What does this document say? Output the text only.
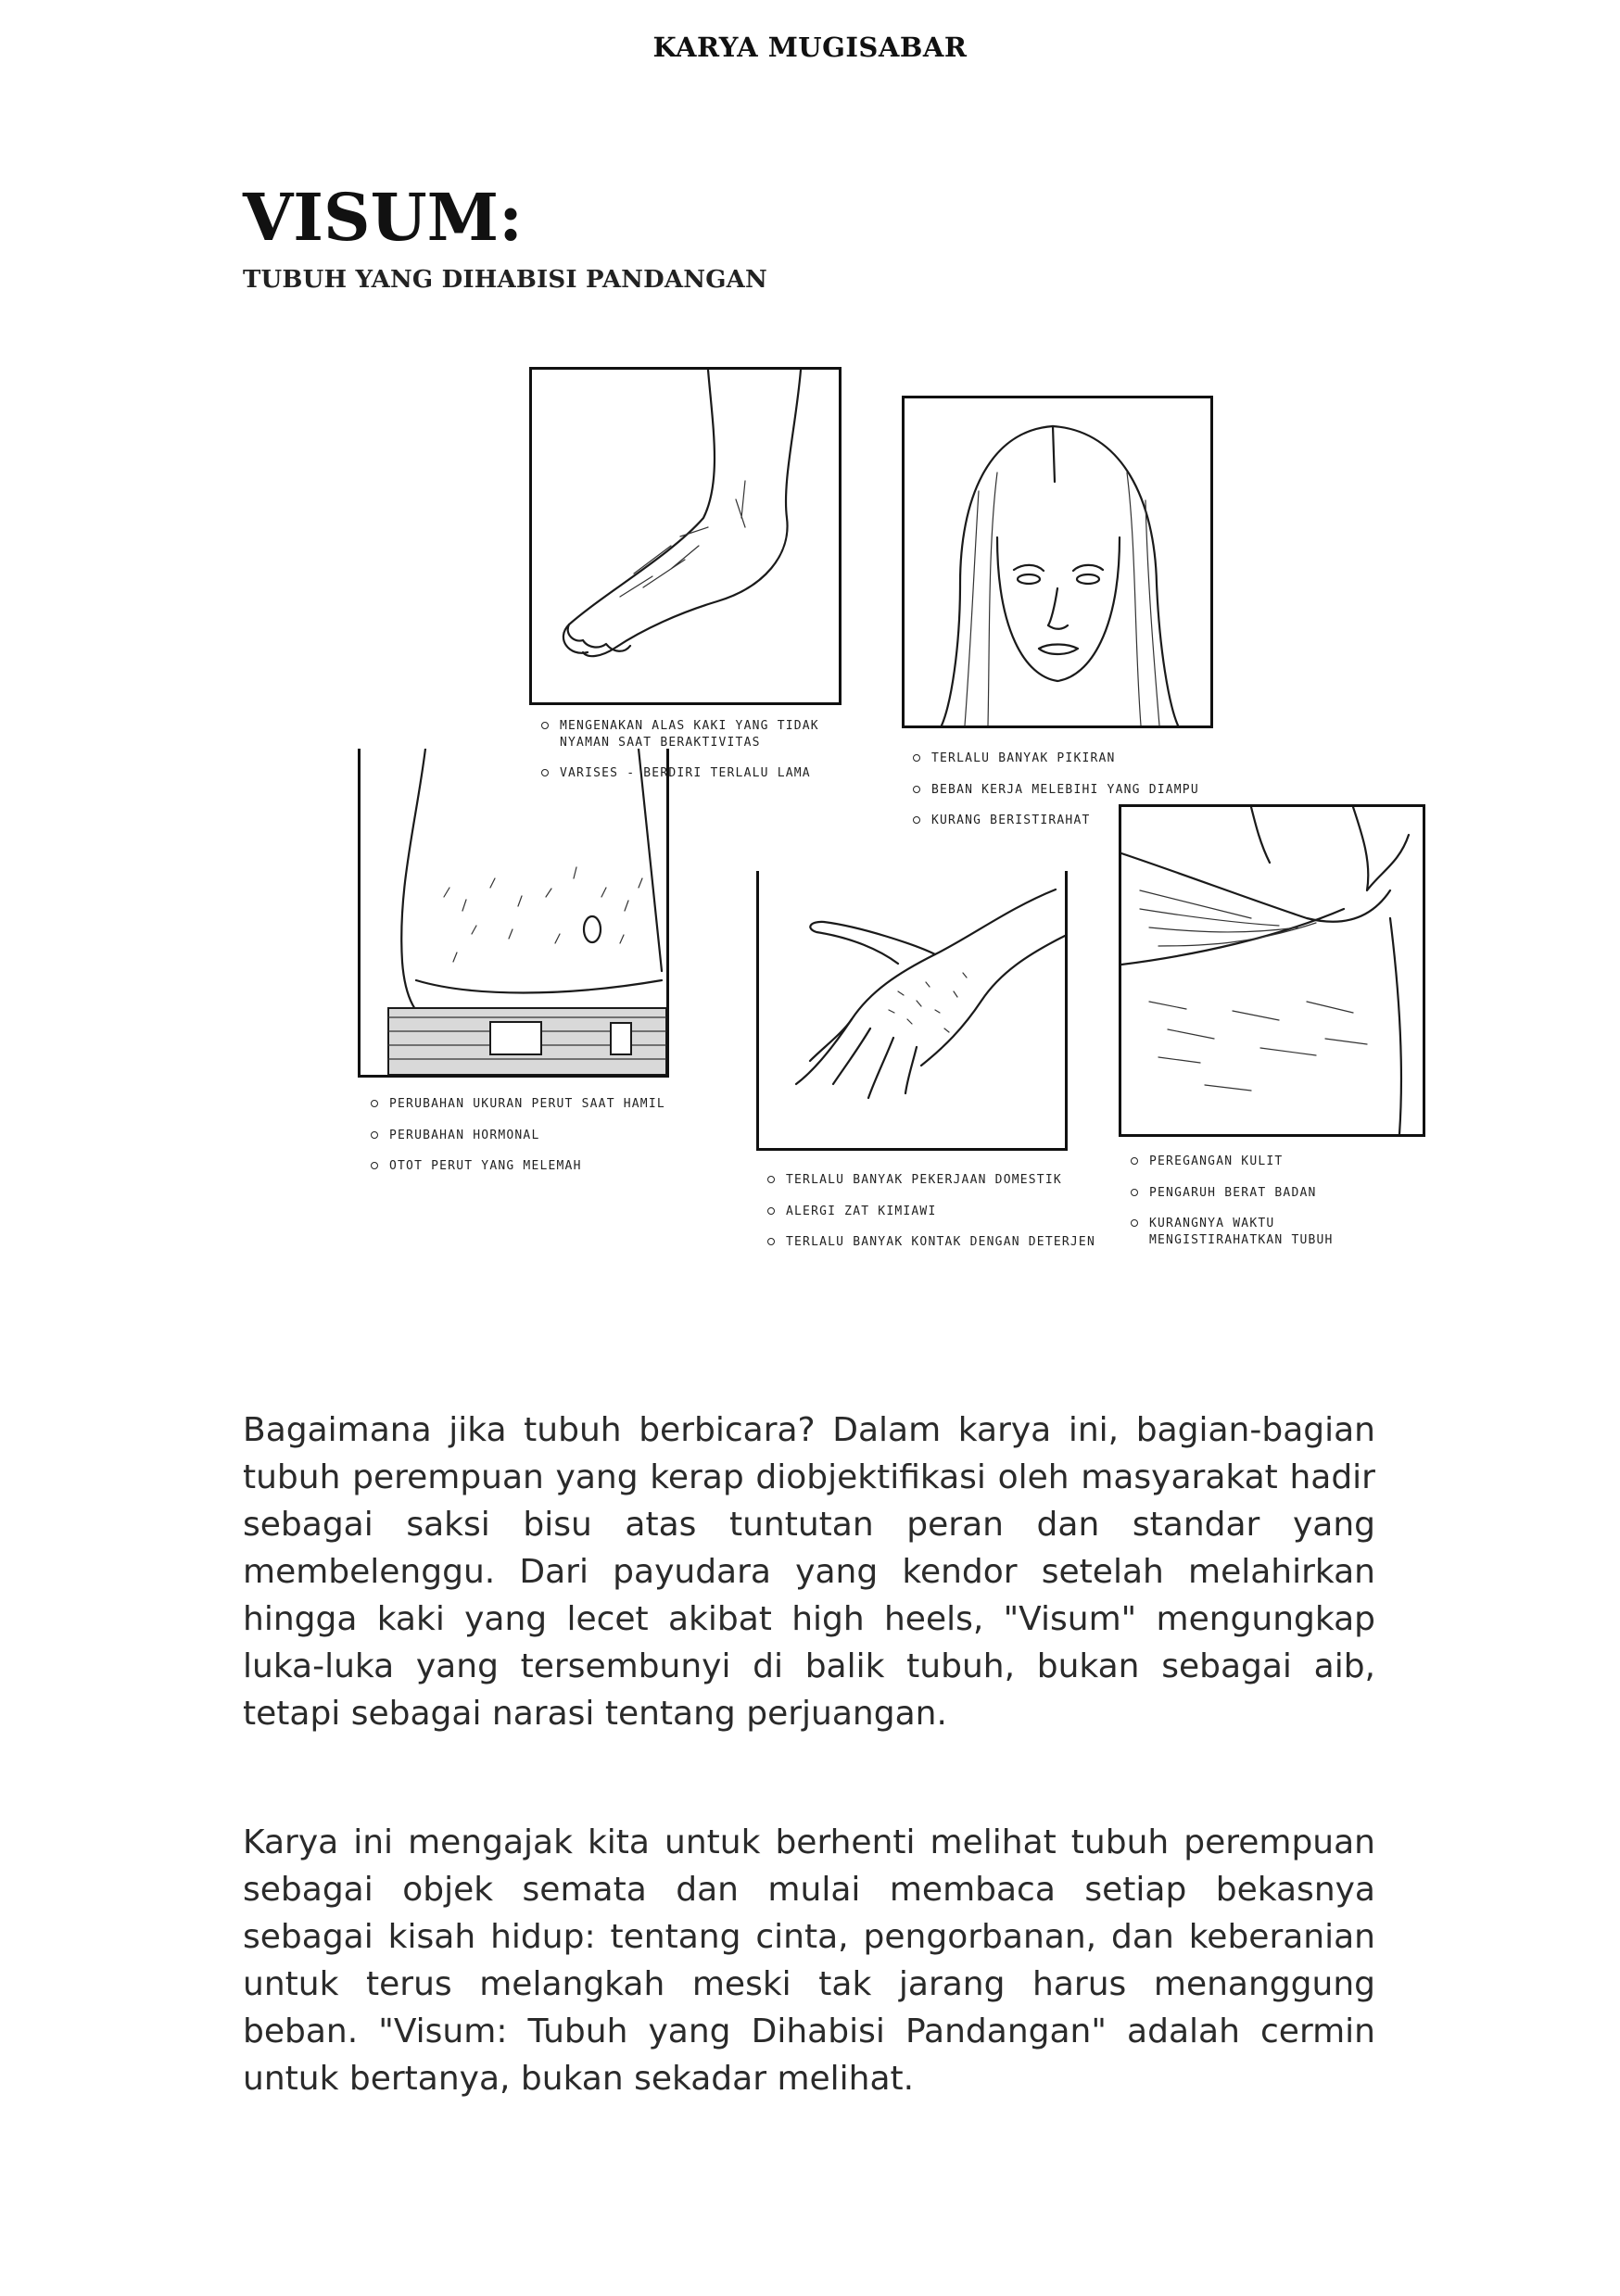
KARYA MUGISABAR
VISUM:
TUBUH YANG DIHABISI PANDANGAN
MENGENAKAN ALAS KAKI YANG TIDAK NYAMAN SAAT BERAKTIVITAS
VARISES - BERDIRI TERLALU LAMA
TERLALU BANYAK PIKIRAN
BEBAN KERJA MELEBIHI YANG DIAMPU
KURANG BERISTIRAHAT
PERUBAHAN UKURAN PERUT SAAT HAMIL
PERUBAHAN HORMONAL
OTOT PERUT YANG MELEMAH
TERLALU BANYAK PEKERJAAN DOMESTIK
ALERGI ZAT KIMIAWI
TERLALU BANYAK KONTAK DENGAN DETERJEN
PEREGANGAN KULIT
PENGARUH BERAT BADAN
KURANGNYA WAKTU MENGISTIRAHATKAN TUBUH

Bagaimana jika tubuh berbicara? Dalam karya ini, bagian-bagian tubuh perempuan yang kerap diobjektifikasi oleh masyarakat hadir sebagai saksi bisu atas tuntutan peran dan standar yang membelenggu. Dari payudara yang kendor setelah melahirkan hingga kaki yang lecet akibat high heels, "Visum" mengungkap luka-luka yang tersembunyi di balik tubuh, bukan sebagai aib, tetapi sebagai narasi tentang perjuangan.

Karya ini mengajak kita untuk berhenti melihat tubuh perempuan sebagai objek semata dan mulai membaca setiap bekasnya sebagai kisah hidup: tentang cinta, pengorbanan, dan keberanian untuk terus melangkah meski tak jarang harus menanggung beban. "Visum: Tubuh yang Dihabisi Pandangan" adalah cermin untuk bertanya, bukan sekadar melihat.
